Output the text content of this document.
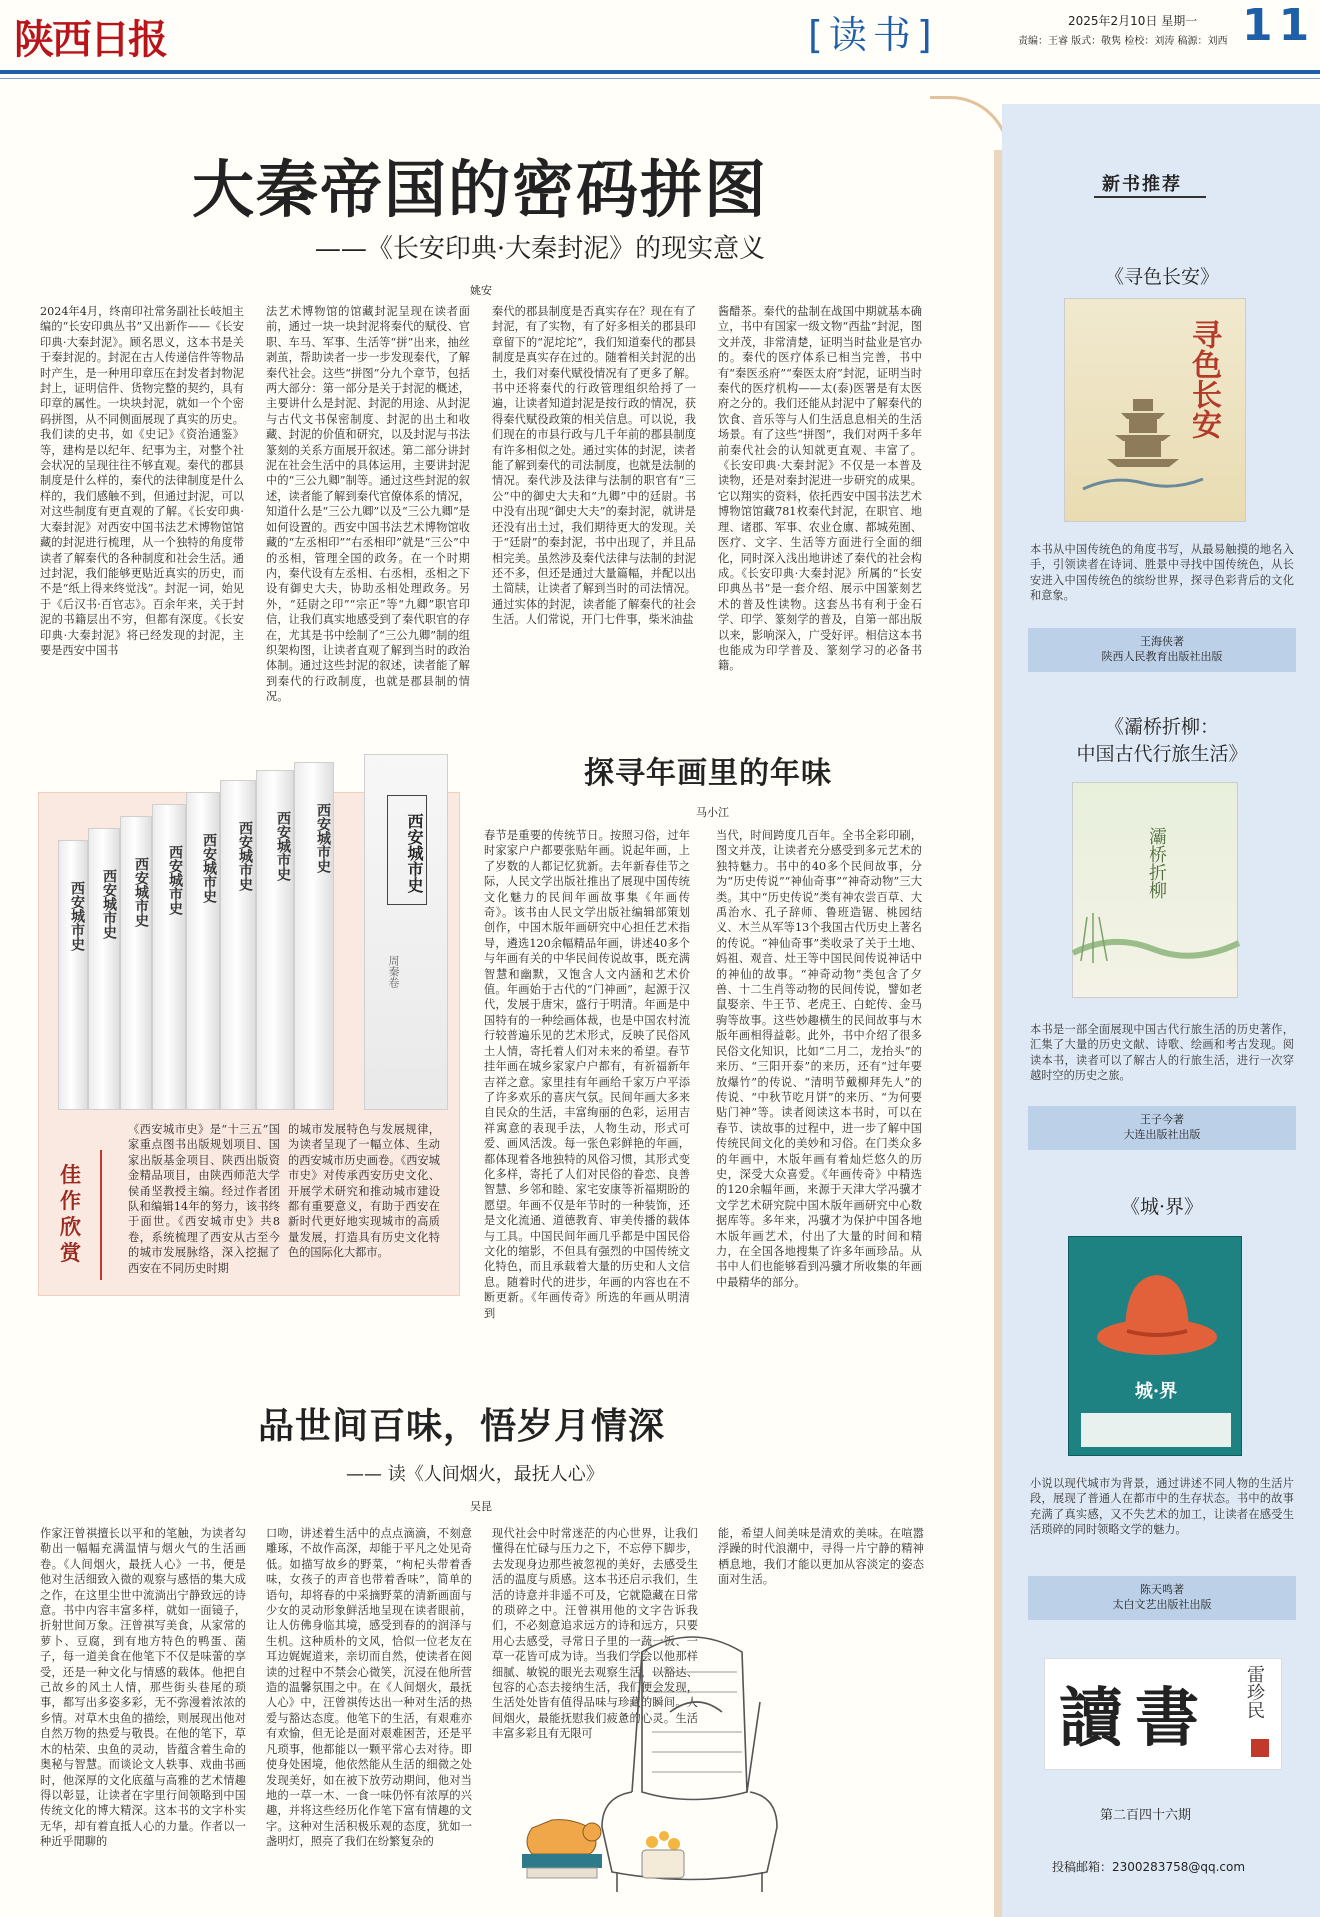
陕西日报	[读书]	2025年2月10日 星期一
责编：王睿 版式：敬隽 检校：刘涛 稿源：刘西 11
大秦帝国的密码拼图
——《长安印典·大秦封泥》的现实意义
姚安
2024年4月，终南印社常务副社长岐旭主编的“长安印典丛书”又出新作——《长安印典·大秦封泥》。顾名思义，这本书是关于秦封泥的。封泥在古人传递信件等物品时产生，是一种用印章压在封发者封物泥封上，证明信件、货物完整的契约，具有印章的属性。一块块封泥，就如一个个密码拼图，从不同侧面展现了真实的历史。我们读的史书，如《史记》《资治通鉴》等，建构是以纪年、纪事为主，对整个社会状况的呈现往往不够直观。秦代的郡县制度是什么样的，秦代的法律制度是什么样的，我们感触不到，但通过封泥，可以对这些制度有更直观的了解。《长安印典·大秦封泥》对西安中国书法艺术博物馆馆藏的封泥进行梳理，从一个独特的角度带读者了解秦代的各种制度和社会生活。通过封泥，我们能够更贴近真实的历史，而不是“纸上得来终觉浅”。封泥一词，始见于《后汉书·百官志》。百余年来，关于封泥的书籍层出不穷，但都有深度。《长安印典·大秦封泥》将已经发现的封泥，主要是西安中国书
法艺术博物馆的馆藏封泥呈现在读者面前，通过一块一块封泥将秦代的赋役、官职、车马、军事、生活等“拼”出来，抽丝剥茧，帮助读者一步一步发现秦代，了解秦代社会。这些“拼图”分九个章节，包括两大部分：第一部分是关于封泥的概述，主要讲什么是封泥、封泥的用途、从封泥与古代文书保密制度、封泥的出土和收藏、封泥的价值和研究，以及封泥与书法篆刻的关系方面展开叙述。第二部分讲封泥在社会生活中的具体运用，主要讲封泥中的“三公九卿”制等。通过这些封泥的叙述，读者能了解到秦代官僚体系的情况，知道什么是“三公九卿”以及“三公九卿”是如何设置的。西安中国书法艺术博物馆收藏的“左丞相印”“右丞相印”就是“三公”中的丞相，管理全国的政务。在一个时期内，秦代设有左丞相、右丞相，丞相之下设有御史大夫，协助丞相处理政务。另外，“廷尉之印”“宗正”等“九卿”职官印信，让我们真实地感受到了秦代职官的存在，尤其是书中绘制了“三公九卿”制的组织架构图，让读者直观了解到当时的政治体制。通过这些封泥的叙述，读者能了解到秦代的行政制度，也就是郡县制的情况。
秦代的郡县制度是否真实存在？现在有了封泥，有了实物，有了好多相关的郡县印章留下的“泥坨坨”，我们知道秦代的郡县制度是真实存在过的。随着相关封泥的出土，我们对秦代赋役情况有了更多了解。书中还将秦代的行政管理组织给捋了一遍，让读者知道封泥是按行政的情况，获得秦代赋役政策的相关信息。可以说，我们现在的市县行政与几千年前的郡县制度有许多相似之处。通过实体的封泥，读者能了解到秦代的司法制度，也就是法制的情况。秦代涉及法律与法制的职官有“三公”中的御史大夫和“九卿”中的廷尉。书中没有出现“御史大夫”的秦封泥，就讲是还没有出土过，我们期待更大的发现。关于“廷尉”的秦封泥，书中出现了，并且品相完美。虽然涉及秦代法律与法制的封泥还不多，但还是通过大量篇幅，并配以出土简牍，让读者了解到当时的司法情况。通过实体的封泥，读者能了解秦代的社会生活。人们常说，开门七件事，柴米油盐
酱醋茶。秦代的盐制在战国中期就基本确立，书中有国家一级文物“西盐”封泥，图文并茂，非常清楚，证明当时盐业是官办的。秦代的医疗体系已相当完善，书中有“秦医丞府”“秦医太府”封泥，证明当时秦代的医疗机构——太(泰)医署是有太医府之分的。我们还能从封泥中了解秦代的饮食、音乐等与人们生活息息相关的生活场景。有了这些“拼图”，我们对两千多年前秦代社会的认知就更直观、丰富了。《长安印典·大秦封泥》不仅是一本普及读物，还是对秦封泥进一步研究的成果。它以翔实的资料，依托西安中国书法艺术博物馆馆藏781枚秦代封泥，在职官、地理、诸郡、军事、农业仓廪、都城苑囿、医疗、文字、生活等方面进行全面的细化，同时深入浅出地讲述了秦代的社会构成。《长安印典·大秦封泥》所属的“长安印典丛书”是一套介绍、展示中国篆刻艺术的普及性读物。这套丛书有利于金石学、印学、篆刻学的普及，自第一部出版以来，影响深入，广受好评。相信这本书也能成为印学普及、篆刻学习的必备书籍。
探寻年画里的年味
马小江
春节是重要的传统节日。按照习俗，过年时家家户户都要张贴年画。说起年画，上了岁数的人都记忆犹新。去年新春佳节之际，人民文学出版社推出了展现中国传统文化魅力的民间年画故事集《年画传奇》。该书由人民文学出版社编辑部策划创作，中国木版年画研究中心担任艺术指导，遴选120余幅精品年画，讲述40多个与年画有关的中华民间传说故事，既充满智慧和幽默，又饱含人文内涵和艺术价值。年画始于古代的“门神画”，起源于汉代，发展于唐宋，盛行于明清。年画是中国特有的一种绘画体裁，也是中国农村流行较普遍乐见的艺术形式，反映了民俗风土人情，寄托着人们对未来的希望。春节挂年画在城乡家家户户都有，有祈福新年吉祥之意。家里挂有年画给千家万户平添了许多欢乐的喜庆气氛。民间年画大多来自民众的生活，丰富绚丽的色彩，运用吉祥寓意的表现手法，人物生动，形式可爱、画风活泼。每一张色彩鲜艳的年画，都体现着各地独特的风俗习惯，其形式变化多样，寄托了人们对民俗的眷恋、良善智慧、乡邻和睦、家宅安康等祈福期盼的愿望。年画不仅是年节时的一种装饰，还是文化流通、道德教育、审美传播的载体与工具。中国民间年画几乎都是中国民俗文化的缩影，不但具有强烈的中国传统文化特色，而且承载着大量的历史和人文信息。随着时代的进步，年画的内容也在不断更新。《年画传奇》所选的年画从明清到
当代，时间跨度几百年。全书全彩印刷，图文并茂，让读者充分感受到多元艺术的独特魅力。书中的40多个民间故事，分为“历史传说”“神仙奇事”“神奇动物”三大类。其中“历史传说”类有神农尝百草、大禹治水、孔子辞师、鲁班造锯、桃园结义、木兰从军等13个我国古代历史上著名的传说。“神仙奇事”类收录了关于土地、妈祖、观音、灶王等中国民间传说神话中的神仙的故事。“神奇动物”类包含了夕兽、十二生肖等动物的民间传说，譬如老鼠娶亲、牛王节、老虎王、白蛇传、金马驹等故事。这些妙趣横生的民间故事与木版年画相得益彰。此外，书中介绍了很多民俗文化知识，比如“二月二，龙抬头”的来历、“三阳开泰”的来历，还有“过年要放爆竹”的传说、“清明节戴柳拜先人”的传说、“中秋节吃月饼”的来历、“为何要贴门神”等。读者阅读这本书时，可以在春节、读故事的过程中，进一步了解中国传统民间文化的美妙和习俗。在门类众多的年画中，木版年画有着灿烂悠久的历史，深受大众喜爱。《年画传奇》中精选的120余幅年画，来源于天津大学冯骥才文学艺术研究院中国木版年画研究中心数据库等。多年来，冯骥才为保护中国各地木版年画艺术，付出了大量的时间和精力，在全国各地搜集了许多年画珍品。从书中人们也能够看到冯骥才所收集的年画中最精华的部分。
西安城市史	西安城市史	西安城市史	西安城市史	西安城市史	西安城市史	西安城市史	西安城市史	西安城市史
周秦卷
《西安城市史》是“十三五”国家重点图书出版规划项目、国家出版基金项目、陕西出版资金精品项目，由陕西师范大学侯甬坚教授主编。经过作者团队和编辑14年的努力，该书终于面世。《西安城市史》共8卷，系统梳理了西安从古至今的城市发展脉络，深入挖掘了西安在不同历史时期
的城市发展特色与发展规律，为读者呈现了一幅立体、生动的西安城市历史画卷。《西安城市史》对传承西安历史文化、开展学术研究和推动城市建设都有重要意义，有助于西安在新时代更好地实现城市的高质量发展，打造具有历史文化特色的国际化大都市。
佳作欣赏
品世间百味，悟岁月情深
—— 读《人间烟火，最抚人心》
吴昆
作家汪曾祺擅长以平和的笔触，为读者勾勒出一幅幅充满温情与烟火气的生活画卷。《人间烟火，最抚人心》一书，便是他对生活细致入微的观察与感悟的集大成之作，在这里尘世中流淌出宁静致远的诗意。书中内容丰富多样，就如一面镜子，折射世间万象。汪曾祺写美食，从家常的萝卜、豆腐，到有地方特色的鸭蛋、菌子，每一道美食在他笔下不仅是味蕾的享受，还是一种文化与情感的载体。他把自己故乡的风土人情，那些街头巷尾的琐事，都写出多姿多彩，无不弥漫着浓浓的乡情。对草木虫鱼的描绘，则展现出他对自然万物的热爱与敬畏。在他的笔下，草木的枯荣、虫鱼的灵动，皆蕴含着生命的奥秘与智慧。而谈论文人轶事、戏曲书画时，他深厚的文化底蕴与高雅的艺术情趣得以彰显，让读者在字里行间领略到中国传统文化的博大精深。这本书的文字朴实无华，却有着直抵人心的力量。作者以一种近乎閒聊的
口吻，讲述着生活中的点点滴滴，不刻意雕琢，不故作高深，却能于平凡之处见奇低。如描写故乡的野菜，“枸杞头带着香味，女孩子的声音也带着香味”，简单的语句，却将春的中采摘野菜的清新画面与少女的灵动形象鲜活地呈现在读者眼前，让人仿佛身临其境，感受到春的的润泽与生机。这种质朴的文风，恰似一位老友在耳边娓娓道来，亲切而自然，使读者在阅读的过程中不禁会心微笑，沉浸在他所营造的温馨氛围之中。在《人间烟火，最抚人心》中，汪曾祺传达出一种对生活的热爱与豁达态度。他笔下的生活，有艰难亦有欢愉，但无论是面对艰难困苦，还是平凡琐事，他都能以一颗平常心去对待。即使身处困境，他依然能从生活的细微之处发现美好，如在被下放劳动期间，他对当地的一草一木、一食一味仍怀有浓厚的兴趣，并将这些经历化作笔下富有情趣的文字。这种对生活积极乐观的态度，犹如一盏明灯，照亮了我们在纷繁复杂的
现代社会中时常迷茫的内心世界，让我们懂得在忙碌与压力之下，不忘停下脚步，去发现身边那些被忽视的美好，去感受生活的温度与质感。这本书还启示我们，生活的诗意并非遥不可及，它就隐藏在日常的琐碎之中。汪曾祺用他的文字告诉我们，不必刻意追求远方的诗和远方，只要用心去感受，寻常日子里的一蔬一饭、一草一花皆可成为诗。当我们学会以他那样细腻、敏锐的眼光去观察生活，以豁达、包容的心态去接纳生活，我们便会发现，生活处处皆有值得品味与珍藏的瞬间。人间烟火，最能抚慰我们疲惫的心灵。生活丰富多彩且有无限可
能，希望人间美味是清欢的美味。在喧嚣浮躁的时代浪潮中，寻得一片宁静的精神栖息地，我们才能以更加从容淡定的姿态面对生活。
新书推荐
《寻色长安》
寻色长安
本书从中国传统色的角度书写，从最易触摸的地名入手，引领读者在诗词、胜景中寻找中国传统色，从长安进入中国传统色的缤纷世界，探寻色彩背后的文化和意象。
王海侠著
陕西人民教育出版社出版
《灞桥折柳：
中国古代行旅生活》
灞桥折柳
本书是一部全面展现中国古代行旅生活的历史著作，汇集了大量的历史文献、诗歌、绘画和考古发现。阅读本书，读者可以了解古人的行旅生活，进行一次穿越时空的历史之旅。
王子今著
大连出版社出版
《城·界》
城·界
小说以现代城市为背景，通过讲述不同人物的生活片段，展现了普通人在都市中的生存状态。书中的故事充满了真实感，又不失艺术的加工，让读者在感受生活琐碎的同时领略文学的魅力。
陈天鸣著
太白文艺出版社出版
讀書 雷珍民
第二百四十六期
投稿邮箱：2300283758@qq.com
